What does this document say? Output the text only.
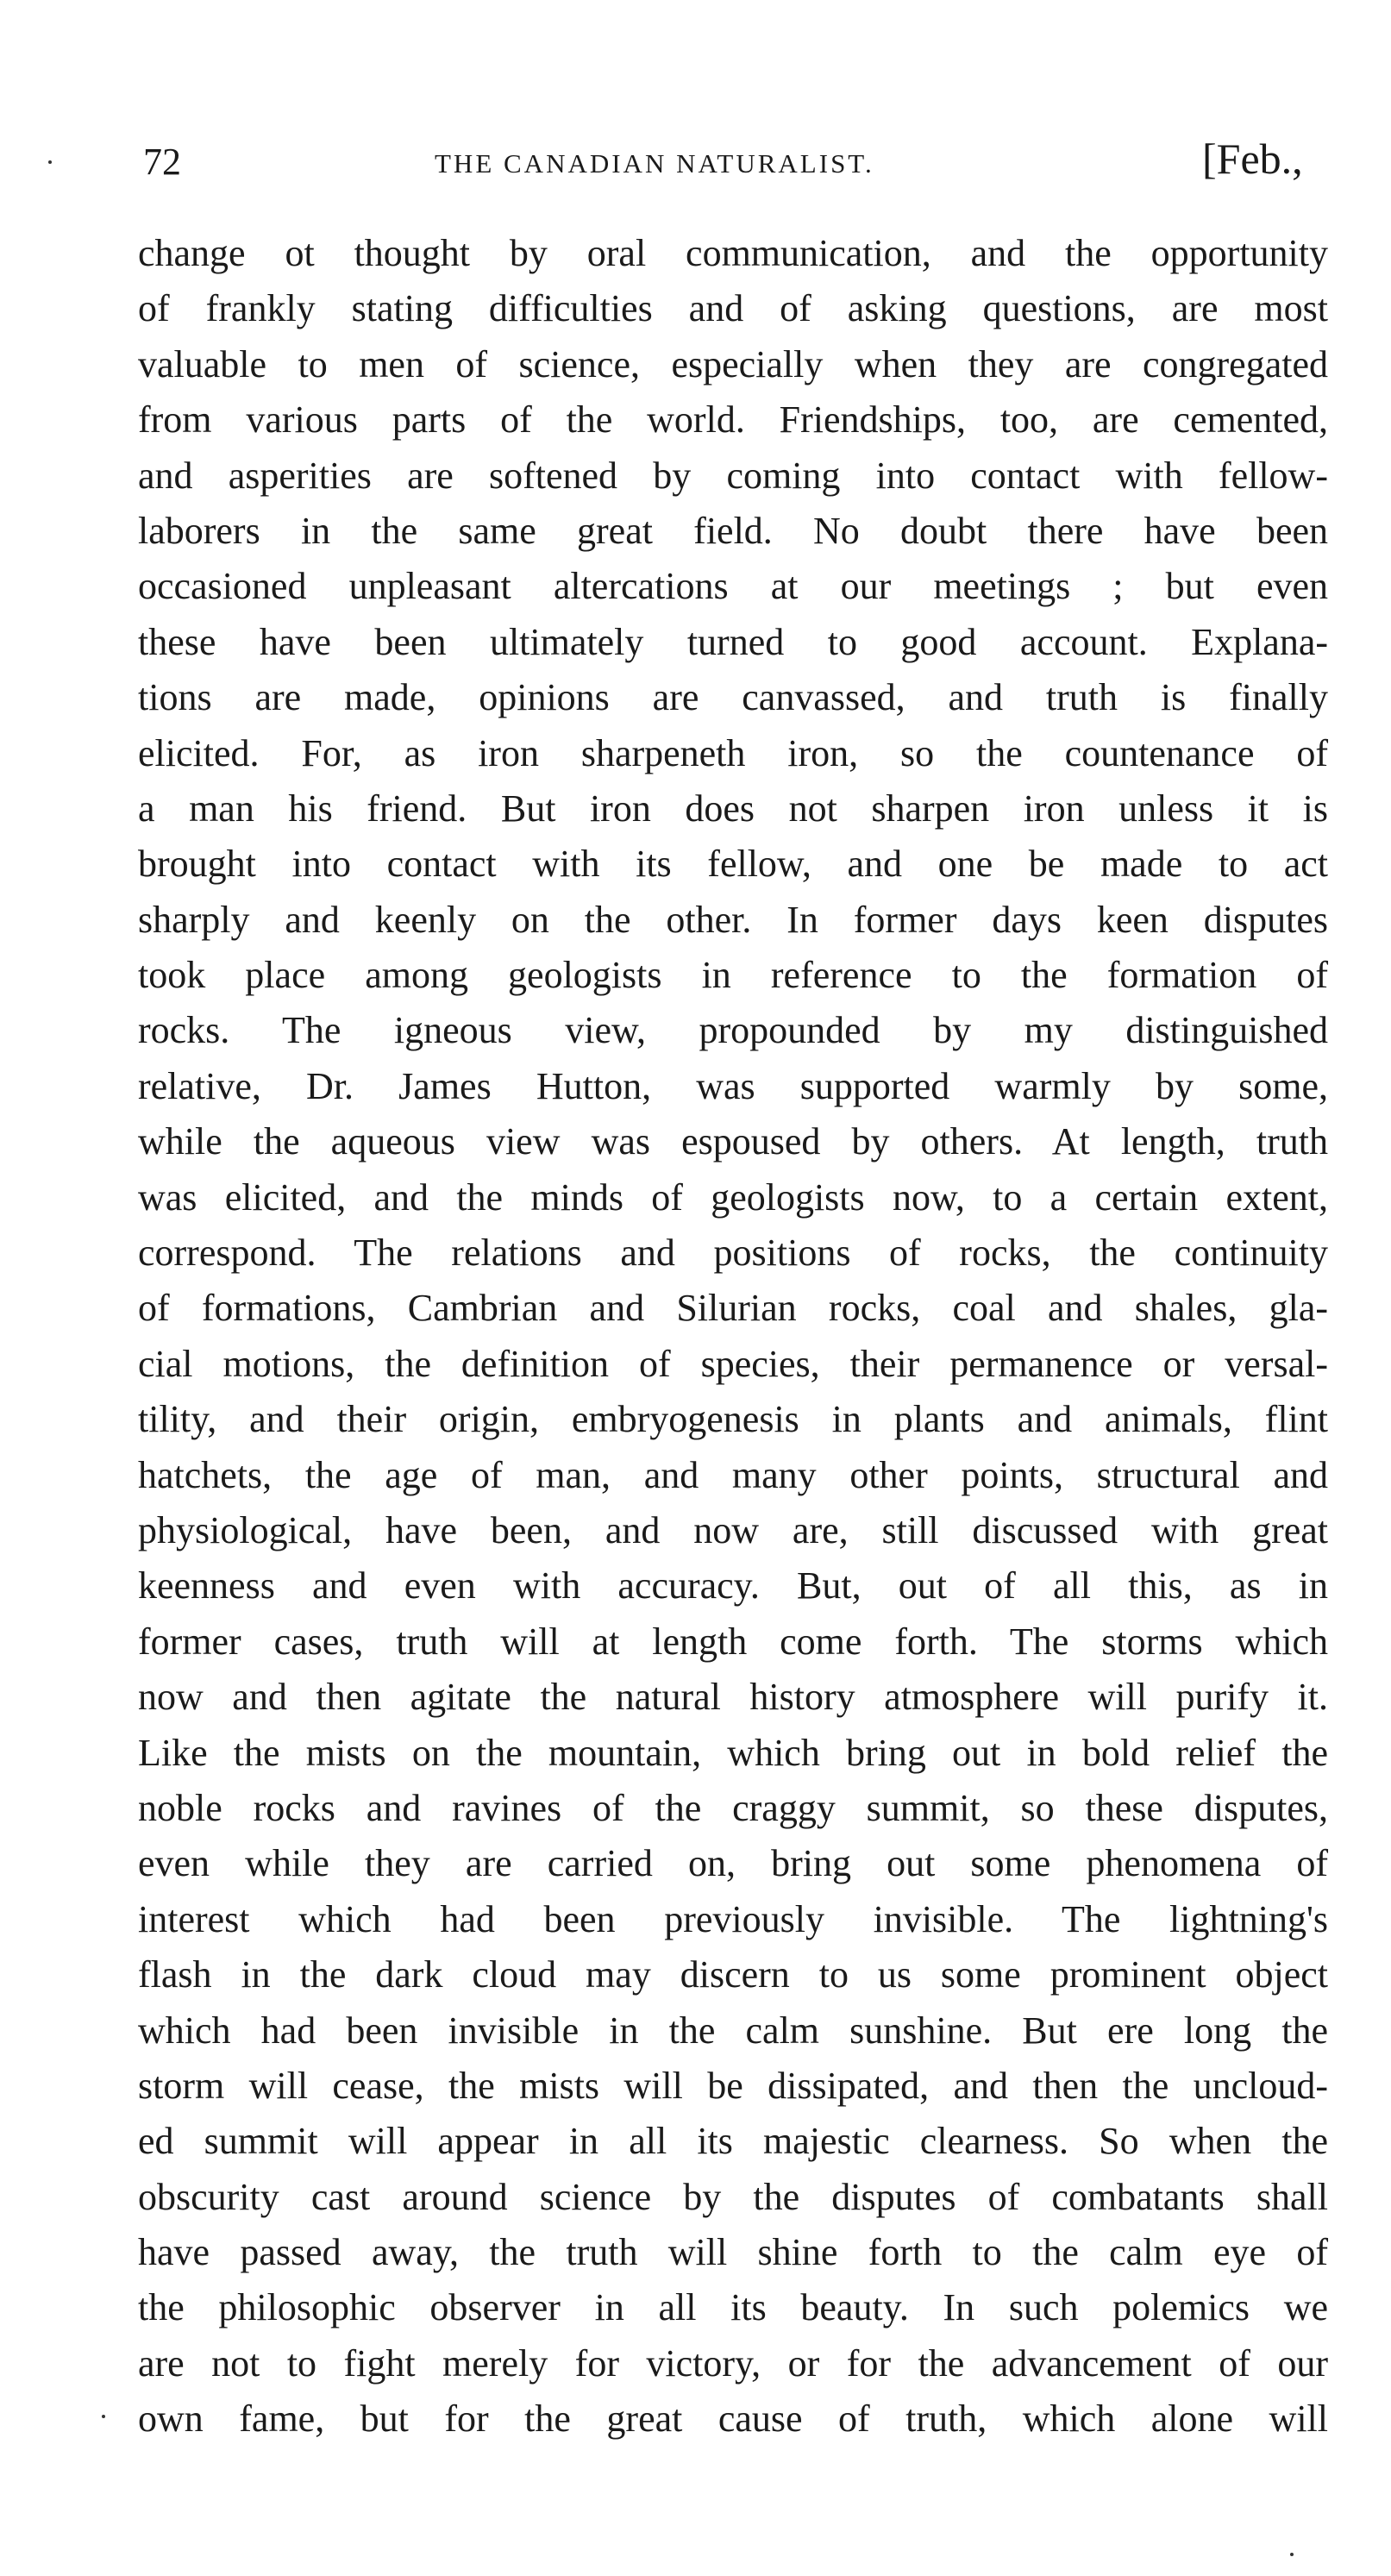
72	THE CANADIAN NATURALIST.	[Feb.,
change ot thought by oral communication, and the opportunity
of frankly stating difficulties and of asking questions, are most
valuable to men of science, especially when they are congregated
from various parts of the world. Friendships, too, are cemented,
and asperities are softened by coming into contact with fellow-
laborers in the same great field. No doubt there have been
occasioned unpleasant altercations at our meetings ; but even
these have been ultimately turned to good account. Explana-
tions are made, opinions are canvassed, and truth is finally
elicited. For, as iron sharpeneth iron, so the countenance of
a man his friend. But iron does not sharpen iron unless it is
brought into contact with its fellow, and one be made to act
sharply and keenly on the other. In former days keen disputes
took place among geologists in reference to the formation of
rocks. The igneous view, propounded by my distinguished
relative, Dr. James Hutton, was supported warmly by some,
while the aqueous view was espoused by others. At length, truth
was elicited, and the minds of geologists now, to a certain extent,
correspond. The relations and positions of rocks, the continuity
of formations, Cambrian and Silurian rocks, coal and shales, gla-
cial motions, the definition of species, their permanence or versal-
tility, and their origin, embryogenesis in plants and animals, flint
hatchets, the age of man, and many other points, structural and
physiological, have been, and now are, still discussed with great
keenness and even with accuracy. But, out of all this, as in
former cases, truth will at length come forth. The storms which
now and then agitate the natural history atmosphere will purify it.
Like the mists on the mountain, which bring out in bold relief the
noble rocks and ravines of the craggy summit, so these disputes,
even while they are carried on, bring out some phenomena of
interest which had been previously invisible. The lightning's
flash in the dark cloud may discern to us some prominent object
which had been invisible in the calm sunshine. But ere long the
storm will cease, the mists will be dissipated, and then the uncloud-
ed summit will appear in all its majestic clearness. So when the
obscurity cast around science by the disputes of combatants shall
have passed away, the truth will shine forth to the calm eye of
the philosophic observer in all its beauty. In such polemics we
are not to fight merely for victory, or for the advancement of our
own fame, but for the great cause of truth, which alone will
